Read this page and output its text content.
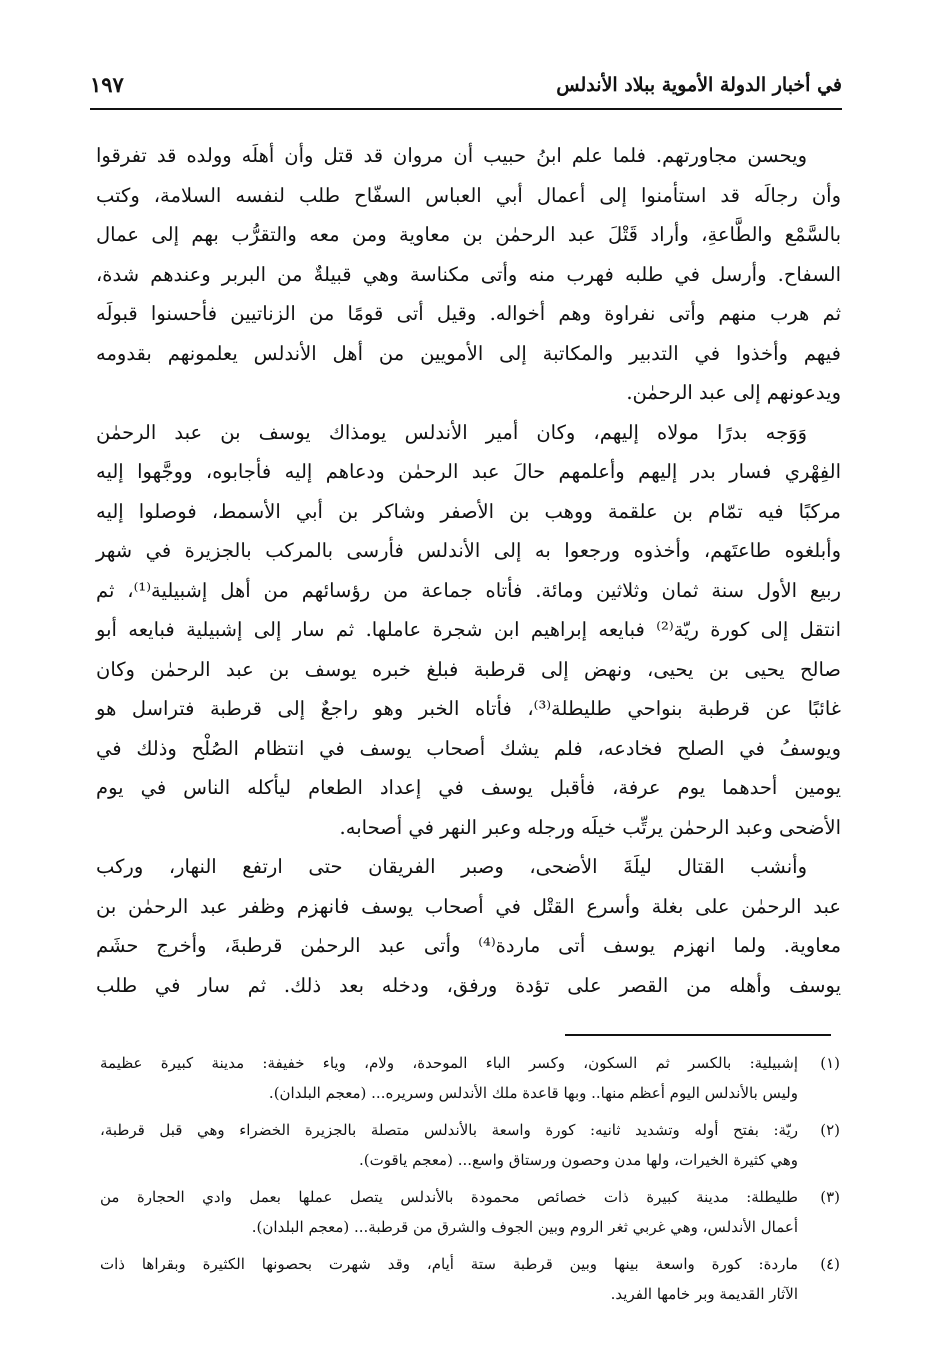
في أخبار الدولة الأموية ببلاد الأندلس
١٩٧
ويحسن مجاورتهم. فلما علم ابنُ حبيب أن مروان قد قتل وأن أهلَه وولده قد تفرقوا
وأن رجالَه قد استأمنوا إلى أعمال أبي العباس السفّاح طلب لنفسه السلامة، وكتب
بالسَّمْع والطَّاعةِ، وأراد قَتْلَ عبد الرحمٰن بن معاوية ومن معه والتقرُّب بهم إلى عمال
السفاح. وأرسل في طلبه فهرب منه وأتى مكناسة وهي قبيلةٌ من البربر وعندهم شدة،
ثم هرب منهم وأتى نفراوة وهم أخواله. وقيل أتى قومًا من الزناتيين فأحسنوا قبولَه
فيهم وأخذوا في التدبير والمكاتبة إلى الأمويين من أهل الأندلس يعلمونهم بقدومه
ويدعونهم إلى عبد الرحمٰن.
وَوَجه بدرًا مولاه إليهم، وكان أمير الأندلس يومذاك يوسف بن عبد الرحمٰن
الفِهْري فسار بدر إليهم وأعلمهم حالَ عبد الرحمٰن ودعاهم إليه فأجابوه، ووجَّهوا إليه
مركبًا فيه تمّام بن علقمة ووهب بن الأصفر وشاكر بن أبي الأسمط، فوصلوا إليه
وأبلغوه طاعتَهم، وأخذوه ورجعوا به إلى الأندلس فأرسى بالمركب بالجزيرة في شهر
ربيع الأول سنة ثمان وثلاثين ومائة. فأتاه جماعة من رؤسائهم من أهل إشبيلية⁽¹⁾، ثم
انتقل إلى كورة ريّة⁽²⁾ فبايعه إبراهيم ابن شجرة عاملها. ثم سار إلى إشبيلية فبايعه أبو
صالح يحيى بن يحيى، ونهض إلى قرطبة فبلغ خبره يوسف بن عبد الرحمٰن وكان
غائبًا عن قرطبة بنواحي طليطلة⁽³⁾، فأتاه الخبر وهو راجعٌ إلى قرطبة فتراسل هو
ويوسفُ في الصلح فخادعه، فلم يشك أصحاب يوسف في انتظام الصُلْح وذلك في
يومين أحدهما يوم عرفة، فأقبل يوسف في إعداد الطعام ليأكله الناس في يوم
الأضحى وعبد الرحمٰن يرتِّب خيلَه ورجله وعبر النهر في أصحابه.
وأنشب القتال ليلَةَ الأضحى، وصبر الفريقان حتى ارتفع النهار، وركب
عبد الرحمٰن على بغلة وأسرع القتْل في أصحاب يوسف فانهزم وظفر عبد الرحمٰن بن
معاوية. ولما انهزم يوسف أتى ماردة⁽⁴⁾ وأتى عبد الرحمٰن قرطبةَ، وأخرج حشَم
يوسف وأهله من القصر على تؤدة ورفق، ودخله بعد ذلك. ثم سار في طلب
(١)
إشبيلية: بالكسر ثم السكون، وكسر الباء الموحدة، ولام، وياء خفيفة: مدينة كبيرة عظيمة
وليس بالأندلس اليوم أعظم منها.. وبها قاعدة ملك الأندلس وسريره... (معجم البلدان).
(٢)
ريّة: بفتح أوله وتشديد ثانيه: كورة واسعة بالأندلس متصلة بالجزيرة الخضراء وهي قبل قرطبة،
وهي كثيرة الخيرات، ولها مدن وحصون ورستاق واسع... (معجم ياقوت).
(٣)
طليطلة: مدينة كبيرة ذات خصائص محمودة بالأندلس يتصل عملها بعمل وادي الحجارة من
أعمال الأندلس، وهي غربي ثغر الروم وبين الجوف والشرق من قرطبة... (معجم البلدان).
(٤)
ماردة: كورة واسعة بينها وبين قرطبة ستة أيام، وقد شهرت بحصونها الكثيرة وبقراها ذات
الآثار القديمة وبر خامها الفريد.
